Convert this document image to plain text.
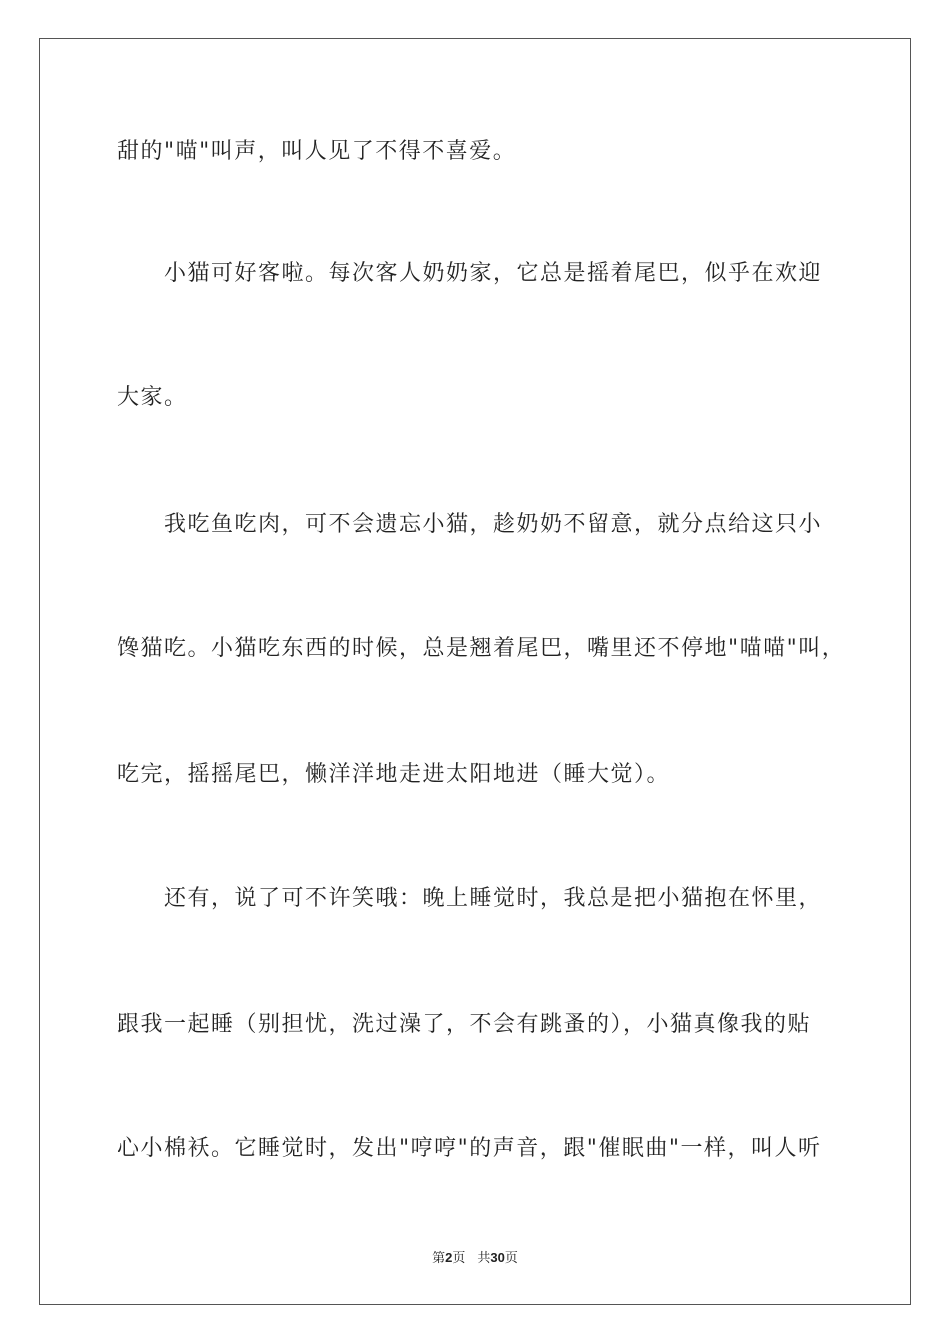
甜的"喵"叫声，叫人见了不得不喜爱。
　　小猫可好客啦。每次客人奶奶家，它总是摇着尾巴，似乎在欢迎
大家。
　　我吃鱼吃肉，可不会遗忘小猫，趁奶奶不留意，就分点给这只小
馋猫吃。小猫吃东西的时候，总是翘着尾巴，嘴里还不停地"喵喵"叫，
吃完，摇摇尾巴，懒洋洋地走进太阳地进（睡大觉）。
　　还有，说了可不许笑哦：晚上睡觉时，我总是把小猫抱在怀里，
跟我一起睡（别担忧，洗过澡了，不会有跳蚤的），小猫真像我的贴
心小棉袄。它睡觉时，发出"哼哼"的声音，跟"催眠曲"一样，叫人听
第2页 共30页
